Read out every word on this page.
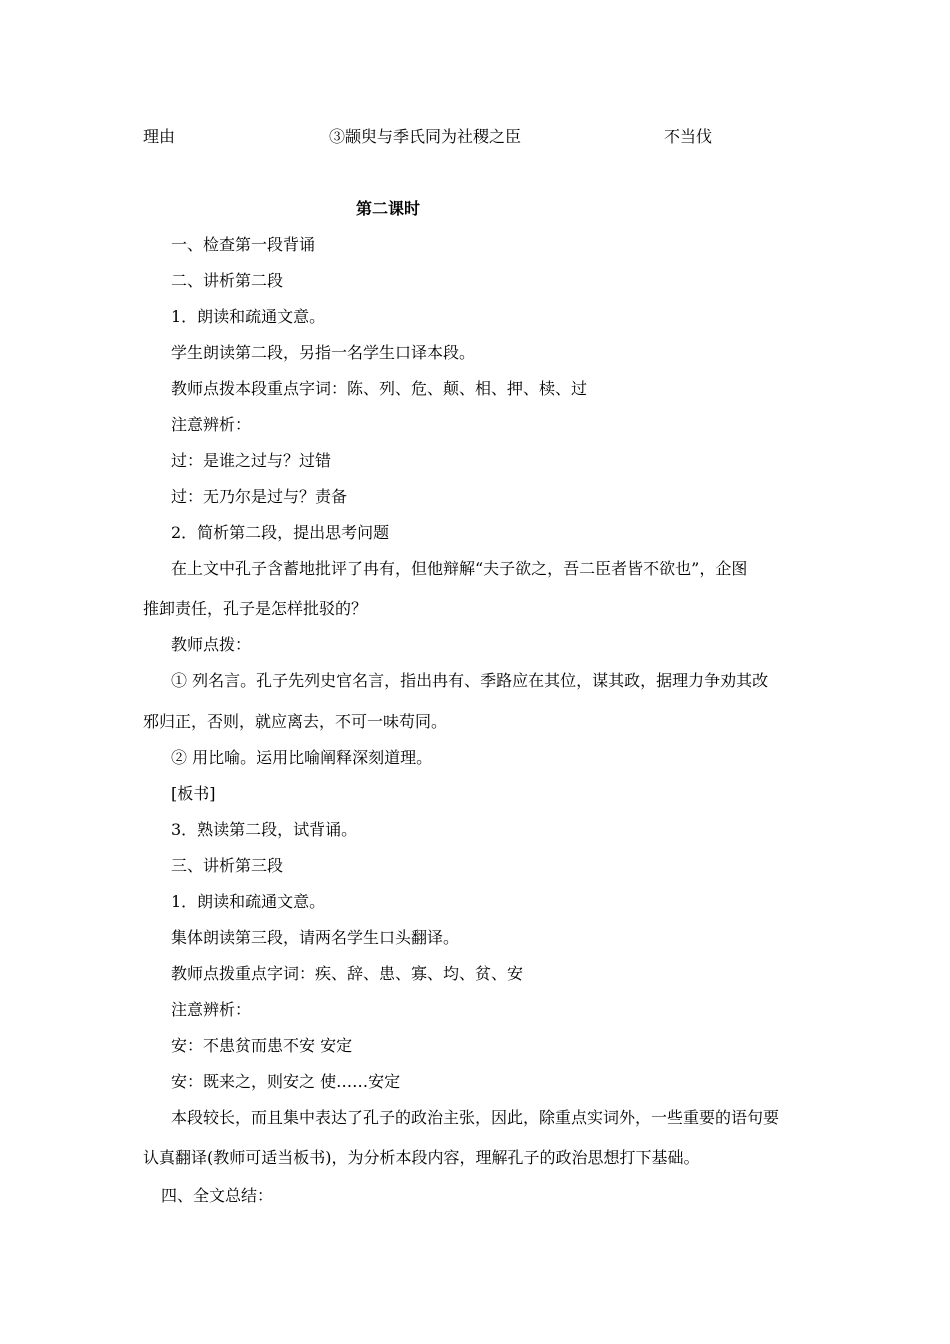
理由	③颛臾与季氏同为社稷之臣	不当伐
第二课时
一、检查第一段背诵
二、讲析第二段
1．朗读和疏通文意。
学生朗读第二段，另指一名学生口译本段。
教师点拨本段重点字词：陈、列、危、颠、相、押、椟、过
注意辨析：
过：是谁之过与？过错
过：无乃尔是过与？责备
2．简析第二段，提出思考问题
在上文中孔子含蓄地批评了冉有，但他辩解“夫子欲之，吾二臣者皆不欲也”，企图
推卸责任，孔子是怎样批驳的？
教师点拨：
① 列名言。孔子先列史官名言，指出冉有、季路应在其位，谋其政，据理力争劝其改
邪归正，否则，就应离去，不可一味苟同。
② 用比喻。运用比喻阐释深刻道理。
[板书]
3．熟读第二段，试背诵。
三、讲析第三段
1．朗读和疏通文意。
集体朗读第三段，请两名学生口头翻译。
教师点拨重点字词：疾、辞、患、寡、均、贫、安
注意辨析：
安：不患贫而患不安 安定
安：既来之，则安之 使……安定
本段较长，而且集中表达了孔子的政治主张，因此，除重点实词外，一些重要的语句要
认真翻译(教师可适当板书)，为分析本段内容，理解孔子的政治思想打下基础。
四、全文总结：
